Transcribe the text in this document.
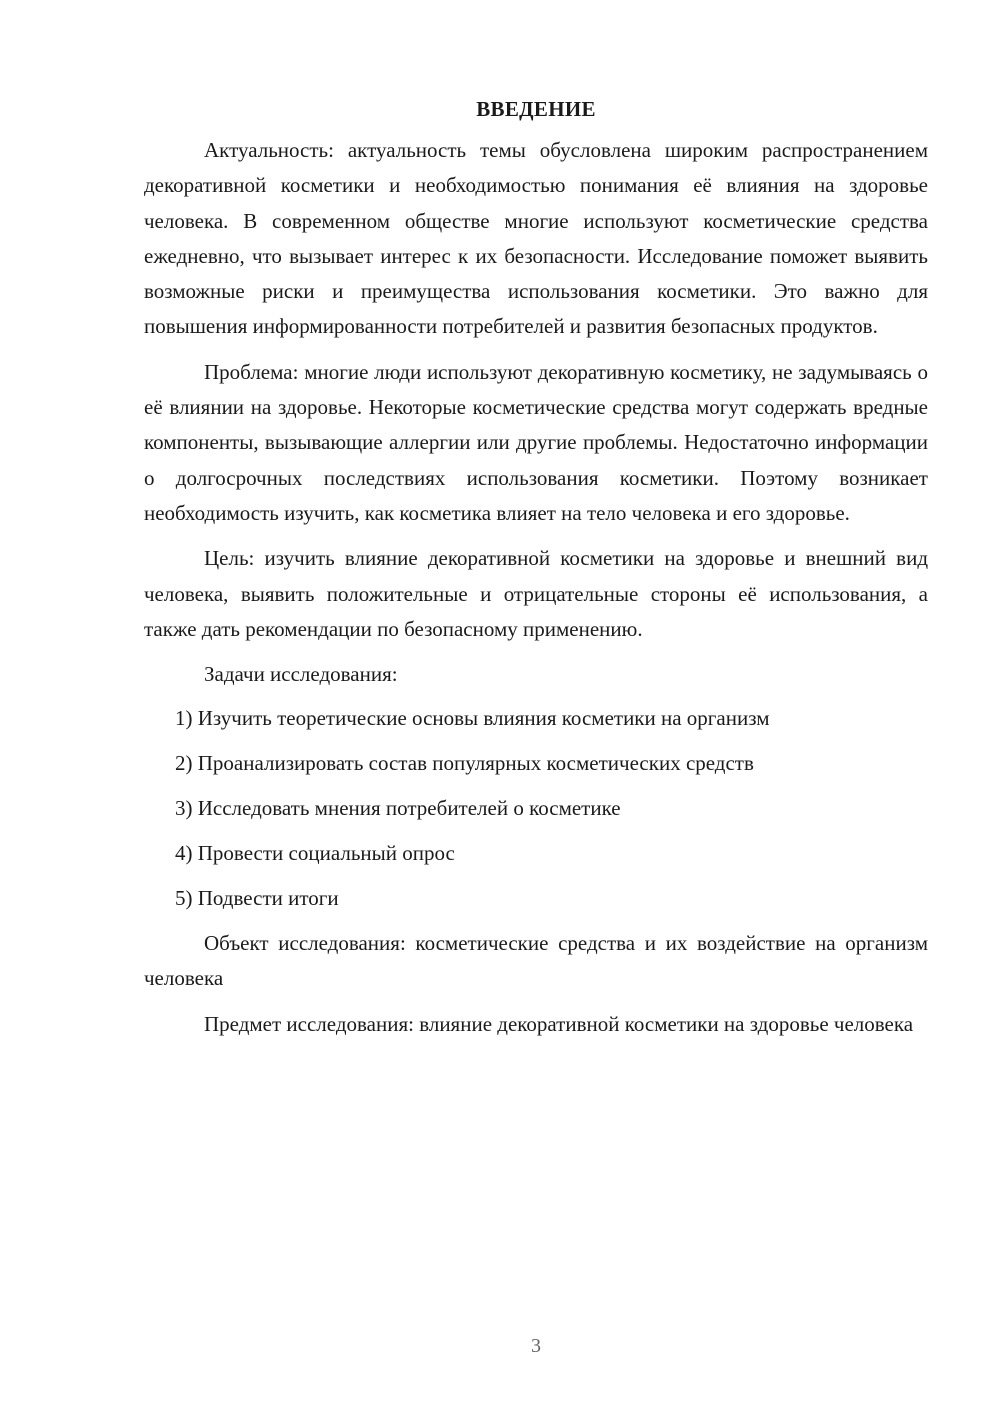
ВВЕДЕНИЕ

Актуальность: актуальность темы обусловлена широким распространением декоративной косметики и необходимостью понимания её влияния на здоровье человека. В современном обществе многие используют косметические средства ежедневно, что вызывает интерес к их безопасности. Исследование поможет выявить возможные риски и преимущества использования косметики. Это важно для повышения информированности потребителей и развития безопасных продуктов.

Проблема: многие люди используют декоративную косметику, не задумываясь о её влиянии на здоровье. Некоторые косметические средства могут содержать вредные компоненты, вызывающие аллергии или другие проблемы. Недостаточно информации о долгосрочных последствиях использования косметики. Поэтому возникает необходимость изучить, как косметика влияет на тело человека и его здоровье.

Цель: изучить влияние декоративной косметики на здоровье и внешний вид человека, выявить положительные и отрицательные стороны её использования, а также дать рекомендации по безопасному применению.

Задачи исследования:
1) Изучить теоретические основы влияния косметики на организм
2) Проанализировать состав популярных косметических средств
3) Исследовать мнения потребителей о косметике
4) Провести социальный опрос
5) Подвести итоги

Объект исследования: косметические средства и их воздействие на организм человека

Предмет исследования: влияние декоративной косметики на здоровье человека

3
